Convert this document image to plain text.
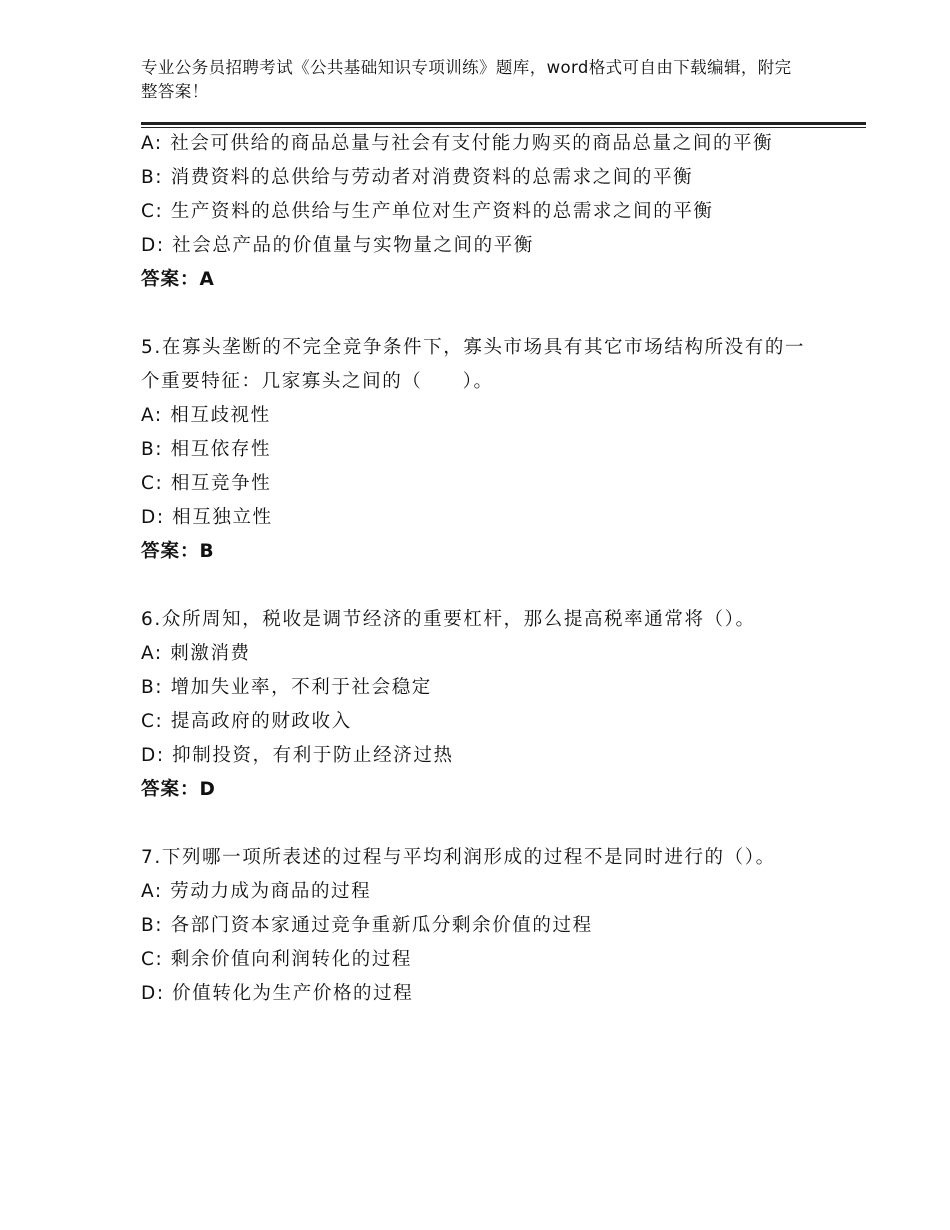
专业公务员招聘考试《公共基础知识专项训练》题库，word格式可自由下载编辑，附完整答案！
A: 社会可供给的商品总量与社会有支付能力购买的商品总量之间的平衡
B: 消费资料的总供给与劳动者对消费资料的总需求之间的平衡
C: 生产资料的总供给与生产单位对生产资料的总需求之间的平衡
D: 社会总产品的价值量与实物量之间的平衡
答案：A
5.在寡头垄断的不完全竞争条件下，寡头市场具有其它市场结构所没有的一个重要特征：几家寡头之间的（　　）。
A: 相互歧视性
B: 相互依存性
C: 相互竞争性
D: 相互独立性
答案：B
6.众所周知，税收是调节经济的重要杠杆，那么提高税率通常将（）。
A: 刺激消费
B: 增加失业率，不利于社会稳定
C: 提高政府的财政收入
D: 抑制投资，有利于防止经济过热
答案：D
7.下列哪一项所表述的过程与平均利润形成的过程不是同时进行的（）。
A: 劳动力成为商品的过程
B: 各部门资本家通过竞争重新瓜分剩余价值的过程
C: 剩余价值向利润转化的过程
D: 价值转化为生产价格的过程
